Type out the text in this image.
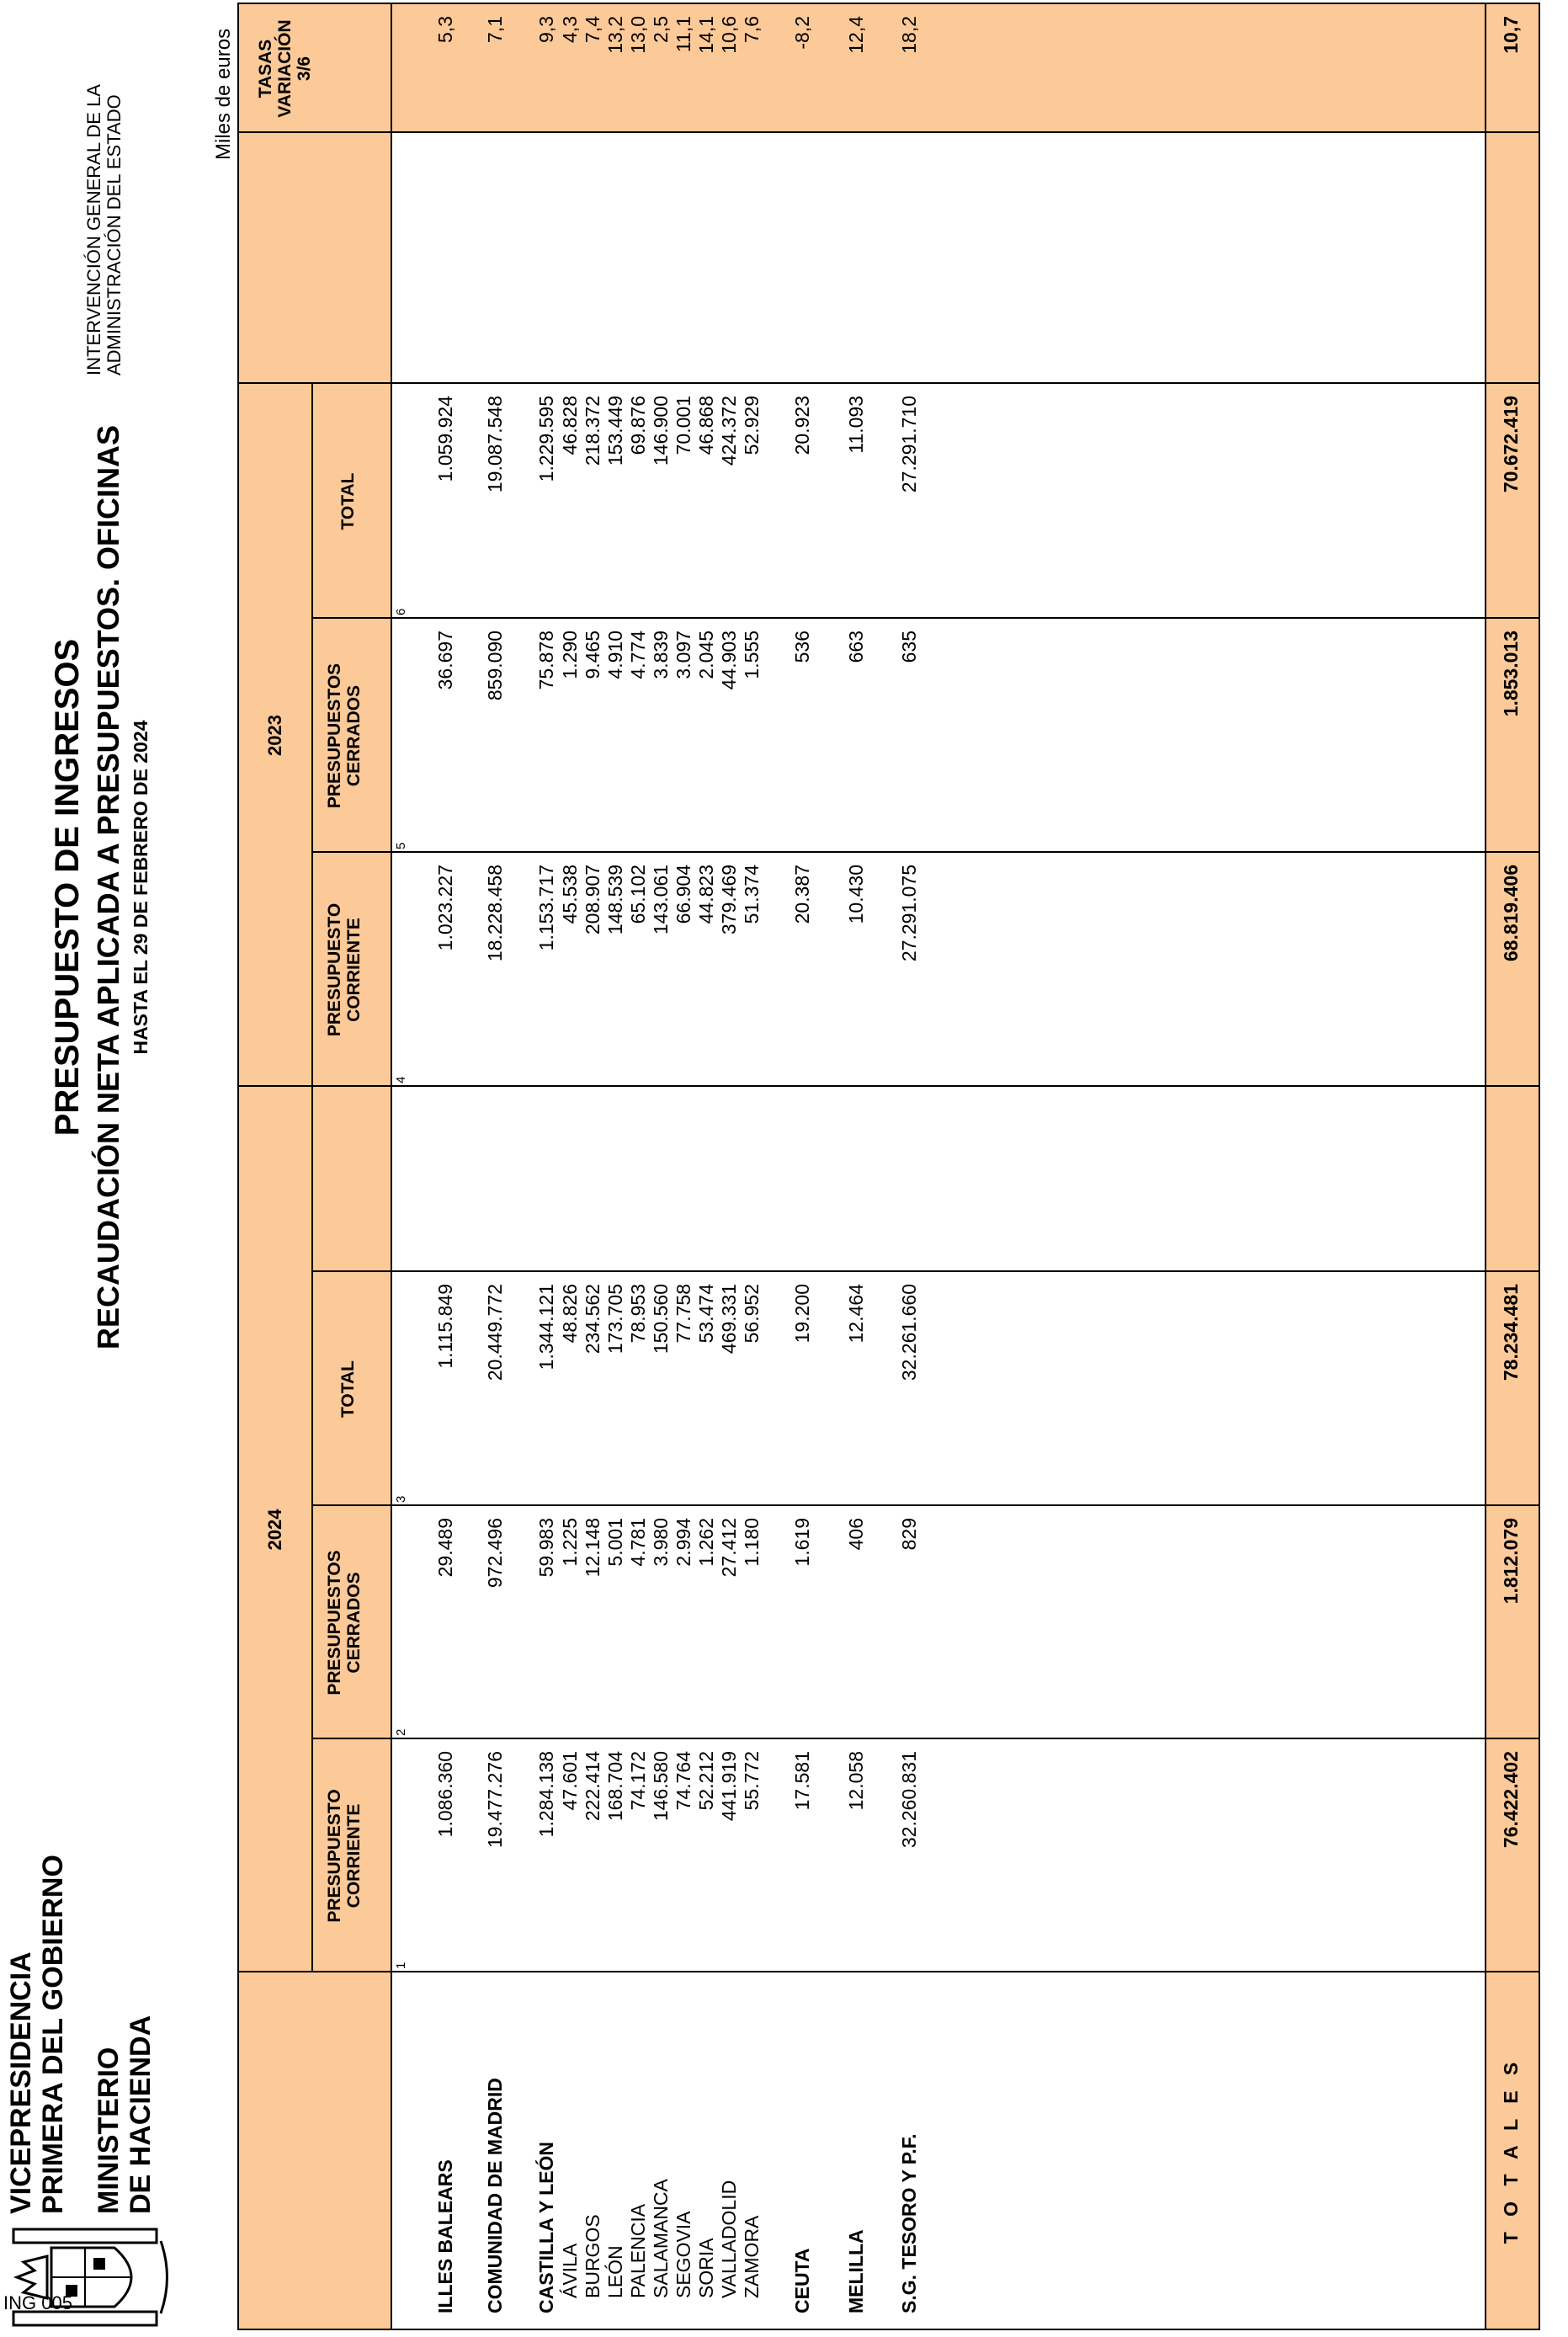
VICEPRESIDENCIA PRIMERA DEL GOBIERNO MINISTERIO DE HACIENDA
PRESUPUESTO DE INGRESOS RECAUDACIÓN NETA APLICADA A PRESUPUESTOS. OFICINAS HASTA EL 29 DE FEBRERO DE 2024
INTERVENCIÓN GENERAL DE LA ADMINISTRACIÓN DEL ESTADO
Miles de euros
2024
2023
PRESUPUESTO CORRIENTE
1
PRESUPUESTOS CERRADOS
2
TOTAL
3
PRESUPUESTO CORRIENTE
4
PRESUPUESTOS CERRADOS
5
TOTAL
6
TASAS VARIACIÓN 3/6
ILLES BALEARS
1.086.360
29.489
1.115.849
1.023.227
36.697
1.059.924
5,3
COMUNIDAD DE MADRID
19.477.276
972.496
20.449.772
18.228.458
859.090
19.087.548
7,1
CASTILLA Y LEÓN
1.284.138
59.983
1.344.121
1.153.717
75.878
1.229.595
9,3
ÁVILA
47.601
1.225
48.826
45.538
1.290
46.828
4,3
BURGOS
222.414
12.148
234.562
208.907
9.465
218.372
7,4
LEÓN
168.704
5.001
173.705
148.539
4.910
153.449
13,2
PALENCIA
74.172
4.781
78.953
65.102
4.774
69.876
13,0
SALAMANCA
146.580
3.980
150.560
143.061
3.839
146.900
2,5
SEGOVIA
74.764
2.994
77.758
66.904
3.097
70.001
11,1
SORIA
52.212
1.262
53.474
44.823
2.045
46.868
14,1
VALLADOLID
441.919
27.412
469.331
379.469
44.903
424.372
10,6
ZAMORA
55.772
1.180
56.952
51.374
1.555
52.929
7,6
CEUTA
17.581
1.619
19.200
20.387
536
20.923
-8,2
MELILLA
12.058
406
12.464
10.430
663
11.093
12,4
S.G. TESORO Y P.F.
32.260.831
829
32.261.660
27.291.075
635
27.291.710
18,2
T O T A L E S
76.422.402
1.812.079
78.234.481
68.819.406
1.853.013
70.672.419
10,7
ING 005
